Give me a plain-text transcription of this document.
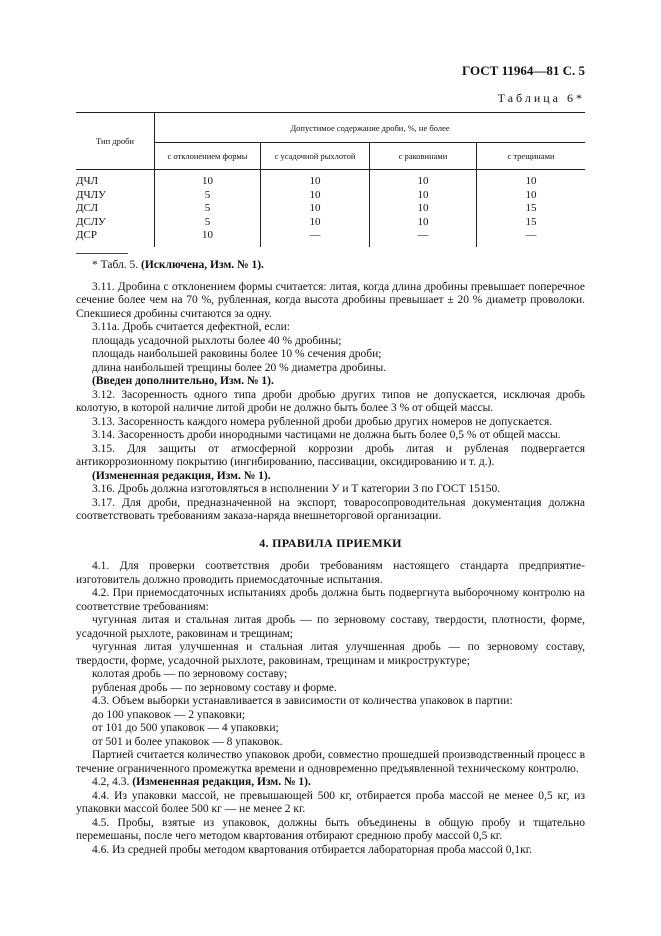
ГОСТ 11964—81 С. 5
Таблица 6*
Тип дроби	Допустимое содержание дроби, %, не более			
	с отклонением формы	с усадочной рыхлотой	с раковинами	с трещинами
ДЧЛ	10	10	10	10
ДЧЛУ	5	10	10	10
ДСЛ	5	10	10	15
ДСЛУ	5	10	10	15
ДСР	10	—	—	—

* Табл. 5. (Исключена, Изм. № 1).

3.11. Дробина с отклонением формы считается: литая, когда длина дробины превышает поперечное сечение более чем на 70 %, рубленная, когда высота дробины превышает ± 20 % диаметр проволоки. Спекшиеся дробины считаются за одну.

3.11а. Дробь считается дефектной, если:

площадь усадочной рыхлоты более 40 % дробины;

площадь наибольшей раковины более 10 % сечения дроби;

длина наибольшей трещины более 20 % диаметра дробины.

(Введен дополнительно, Изм. № 1).

3.12. Засоренность одного типа дроби дробью других типов не допускается, исключая дробь колотую, в которой наличие литой дроби не должно быть более 3 % от общей массы.

3.13. Засоренность каждого номера рубленной дроби дробью других номеров не допускается.

3.14. Засоренность дроби инородными частицами не должна быть более 0,5 % от общей массы.

3.15. Для защиты от атмосферной коррозии дробь литая и рубленая подвергается антикоррозионному покрытию (ингибированию, пассивации, оксидированию и т. д.).

(Измененная редакция, Изм. № 1).

3.16. Дробь должна изготовляться в исполнении У и Т категории 3 по ГОСТ 15150.

3.17. Для дроби, предназначенной на экспорт, товаросопроводительная документация должна соответствовать требованиям заказа-наряда внешнеторговой организации.

4. ПРАВИЛА ПРИЕМКИ

4.1. Для проверки соответствия дроби требованиям настоящего стандарта предприятие-изготовитель должно проводить приемосдаточные испытания.

4.2. При приемосдаточных испытаниях дробь должна быть подвергнута выборочному контролю на соответствие требованиям:

чугунная литая и стальная литая дробь — по зерновому составу, твердости, плотности, форме, усадочной рыхлоте, раковинам и трещинам;

чугунная литая улучшенная и стальная литая улучшенная дробь — по зерновому составу, твердости, форме, усадочной рыхлоте, раковинам, трещинам и микроструктуре;

колотая дробь — по зерновому составу;

рубленая дробь — по зерновому составу и форме.

4.3. Объем выборки устанавливается в зависимости от количества упаковок в партии:

до 100 упаковок — 2 упаковки;

от 101 до 500 упаковок — 4 упаковки;

от 501 и более упаковок — 8 упаковок.

Партией считается количество упаковок дроби, совместно прошедшей производственный процесс в течение ограниченного промежутка времени и одновременно предъявленной техническому контролю.

4.2, 4.3. (Измененная редакция, Изм. № 1).

4.4. Из упаковки массой, не превышающей 500 кг, отбирается проба массой не менее 0,5 кг, из упаковки массой более 500 кг — не менее 2 кг.

4.5. Пробы, взятые из упаковок, должны быть объединены в общую пробу и тщательно перемешаны, после чего методом квартования отбирают среднюю пробу массой 0,5 кг.

4.6. Из средней пробы методом квартования отбирается лабораторная проба массой 0,1кг.
